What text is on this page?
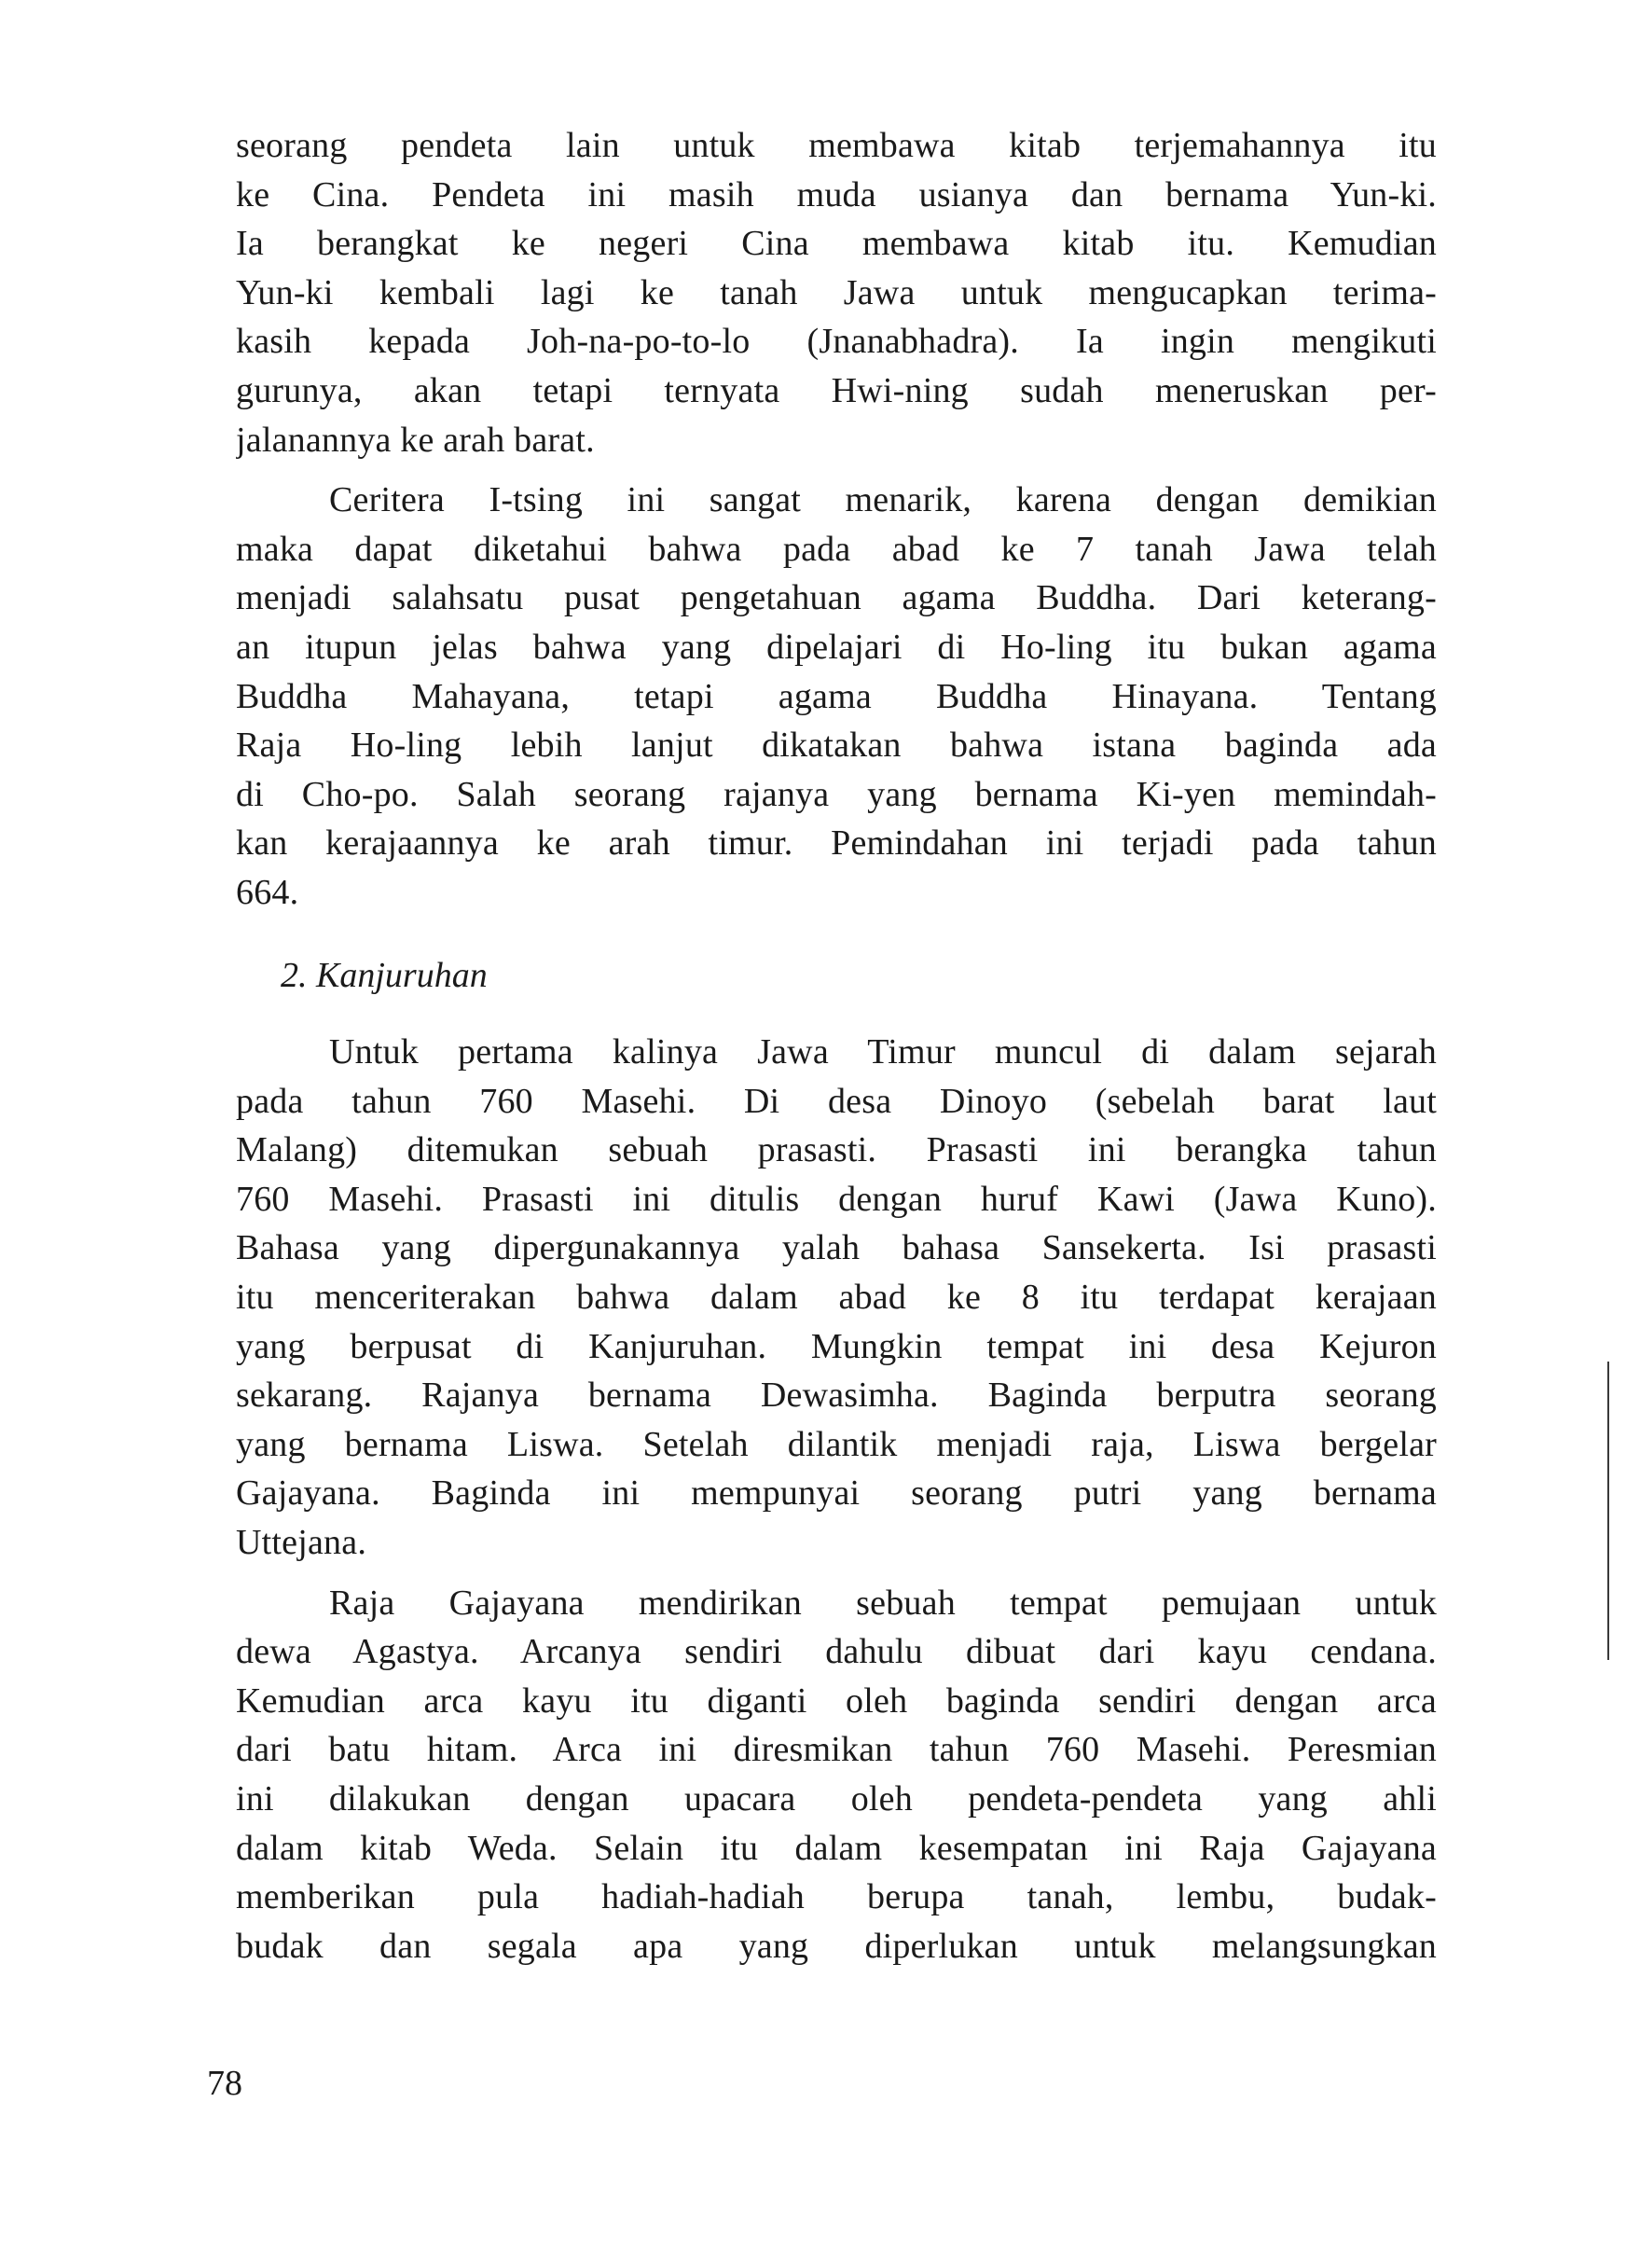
seorang pendeta lain untuk membawa kitab terjemahannya itu
ke Cina. Pendeta ini masih muda usianya dan bernama Yun-ki.
Ia berangkat ke negeri Cina membawa kitab itu. Kemudian
Yun-ki kembali lagi ke tanah Jawa untuk mengucapkan terima-
kasih kepada Joh-na-po-to-lo (Jnanabhadra). Ia ingin mengikuti
gurunya, akan tetapi ternyata Hwi-ning sudah meneruskan per-
jalanannya ke arah barat.
Ceritera I-tsing ini sangat menarik, karena dengan demikian
maka dapat diketahui bahwa pada abad ke 7 tanah Jawa telah
menjadi salahsatu pusat pengetahuan agama Buddha. Dari keterang-
an itupun jelas bahwa yang dipelajari di Ho-ling itu bukan agama
Buddha Mahayana, tetapi agama Buddha Hinayana. Tentang
Raja Ho-ling lebih lanjut dikatakan bahwa istana baginda ada
di Cho-po. Salah seorang rajanya yang bernama Ki-yen memindah-
kan kerajaannya ke arah timur. Pemindahan ini terjadi pada tahun
664.
2. Kanjuruhan
Untuk pertama kalinya Jawa Timur muncul di dalam sejarah
pada tahun 760 Masehi. Di desa Dinoyo (sebelah barat laut
Malang) ditemukan sebuah prasasti. Prasasti ini berangka tahun
760 Masehi. Prasasti ini ditulis dengan huruf Kawi (Jawa Kuno).
Bahasa yang dipergunakannya yalah bahasa Sansekerta. Isi prasasti
itu menceriterakan bahwa dalam abad ke 8 itu terdapat kerajaan
yang berpusat di Kanjuruhan. Mungkin tempat ini desa Kejuron
sekarang. Rajanya bernama Dewasimha. Baginda berputra seorang
yang bernama Liswa. Setelah dilantik menjadi raja, Liswa bergelar
Gajayana. Baginda ini mempunyai seorang putri yang bernama
Uttejana.
Raja Gajayana mendirikan sebuah tempat pemujaan untuk
dewa Agastya. Arcanya sendiri dahulu dibuat dari kayu cendana.
Kemudian arca kayu itu diganti oleh baginda sendiri dengan arca
dari batu hitam. Arca ini diresmikan tahun 760 Masehi. Peresmian
ini dilakukan dengan upacara oleh pendeta-pendeta yang ahli
dalam kitab Weda. Selain itu dalam kesempatan ini Raja Gajayana
memberikan pula hadiah-hadiah berupa tanah, lembu, budak-
budak dan segala apa yang diperlukan untuk melangsungkan
78
